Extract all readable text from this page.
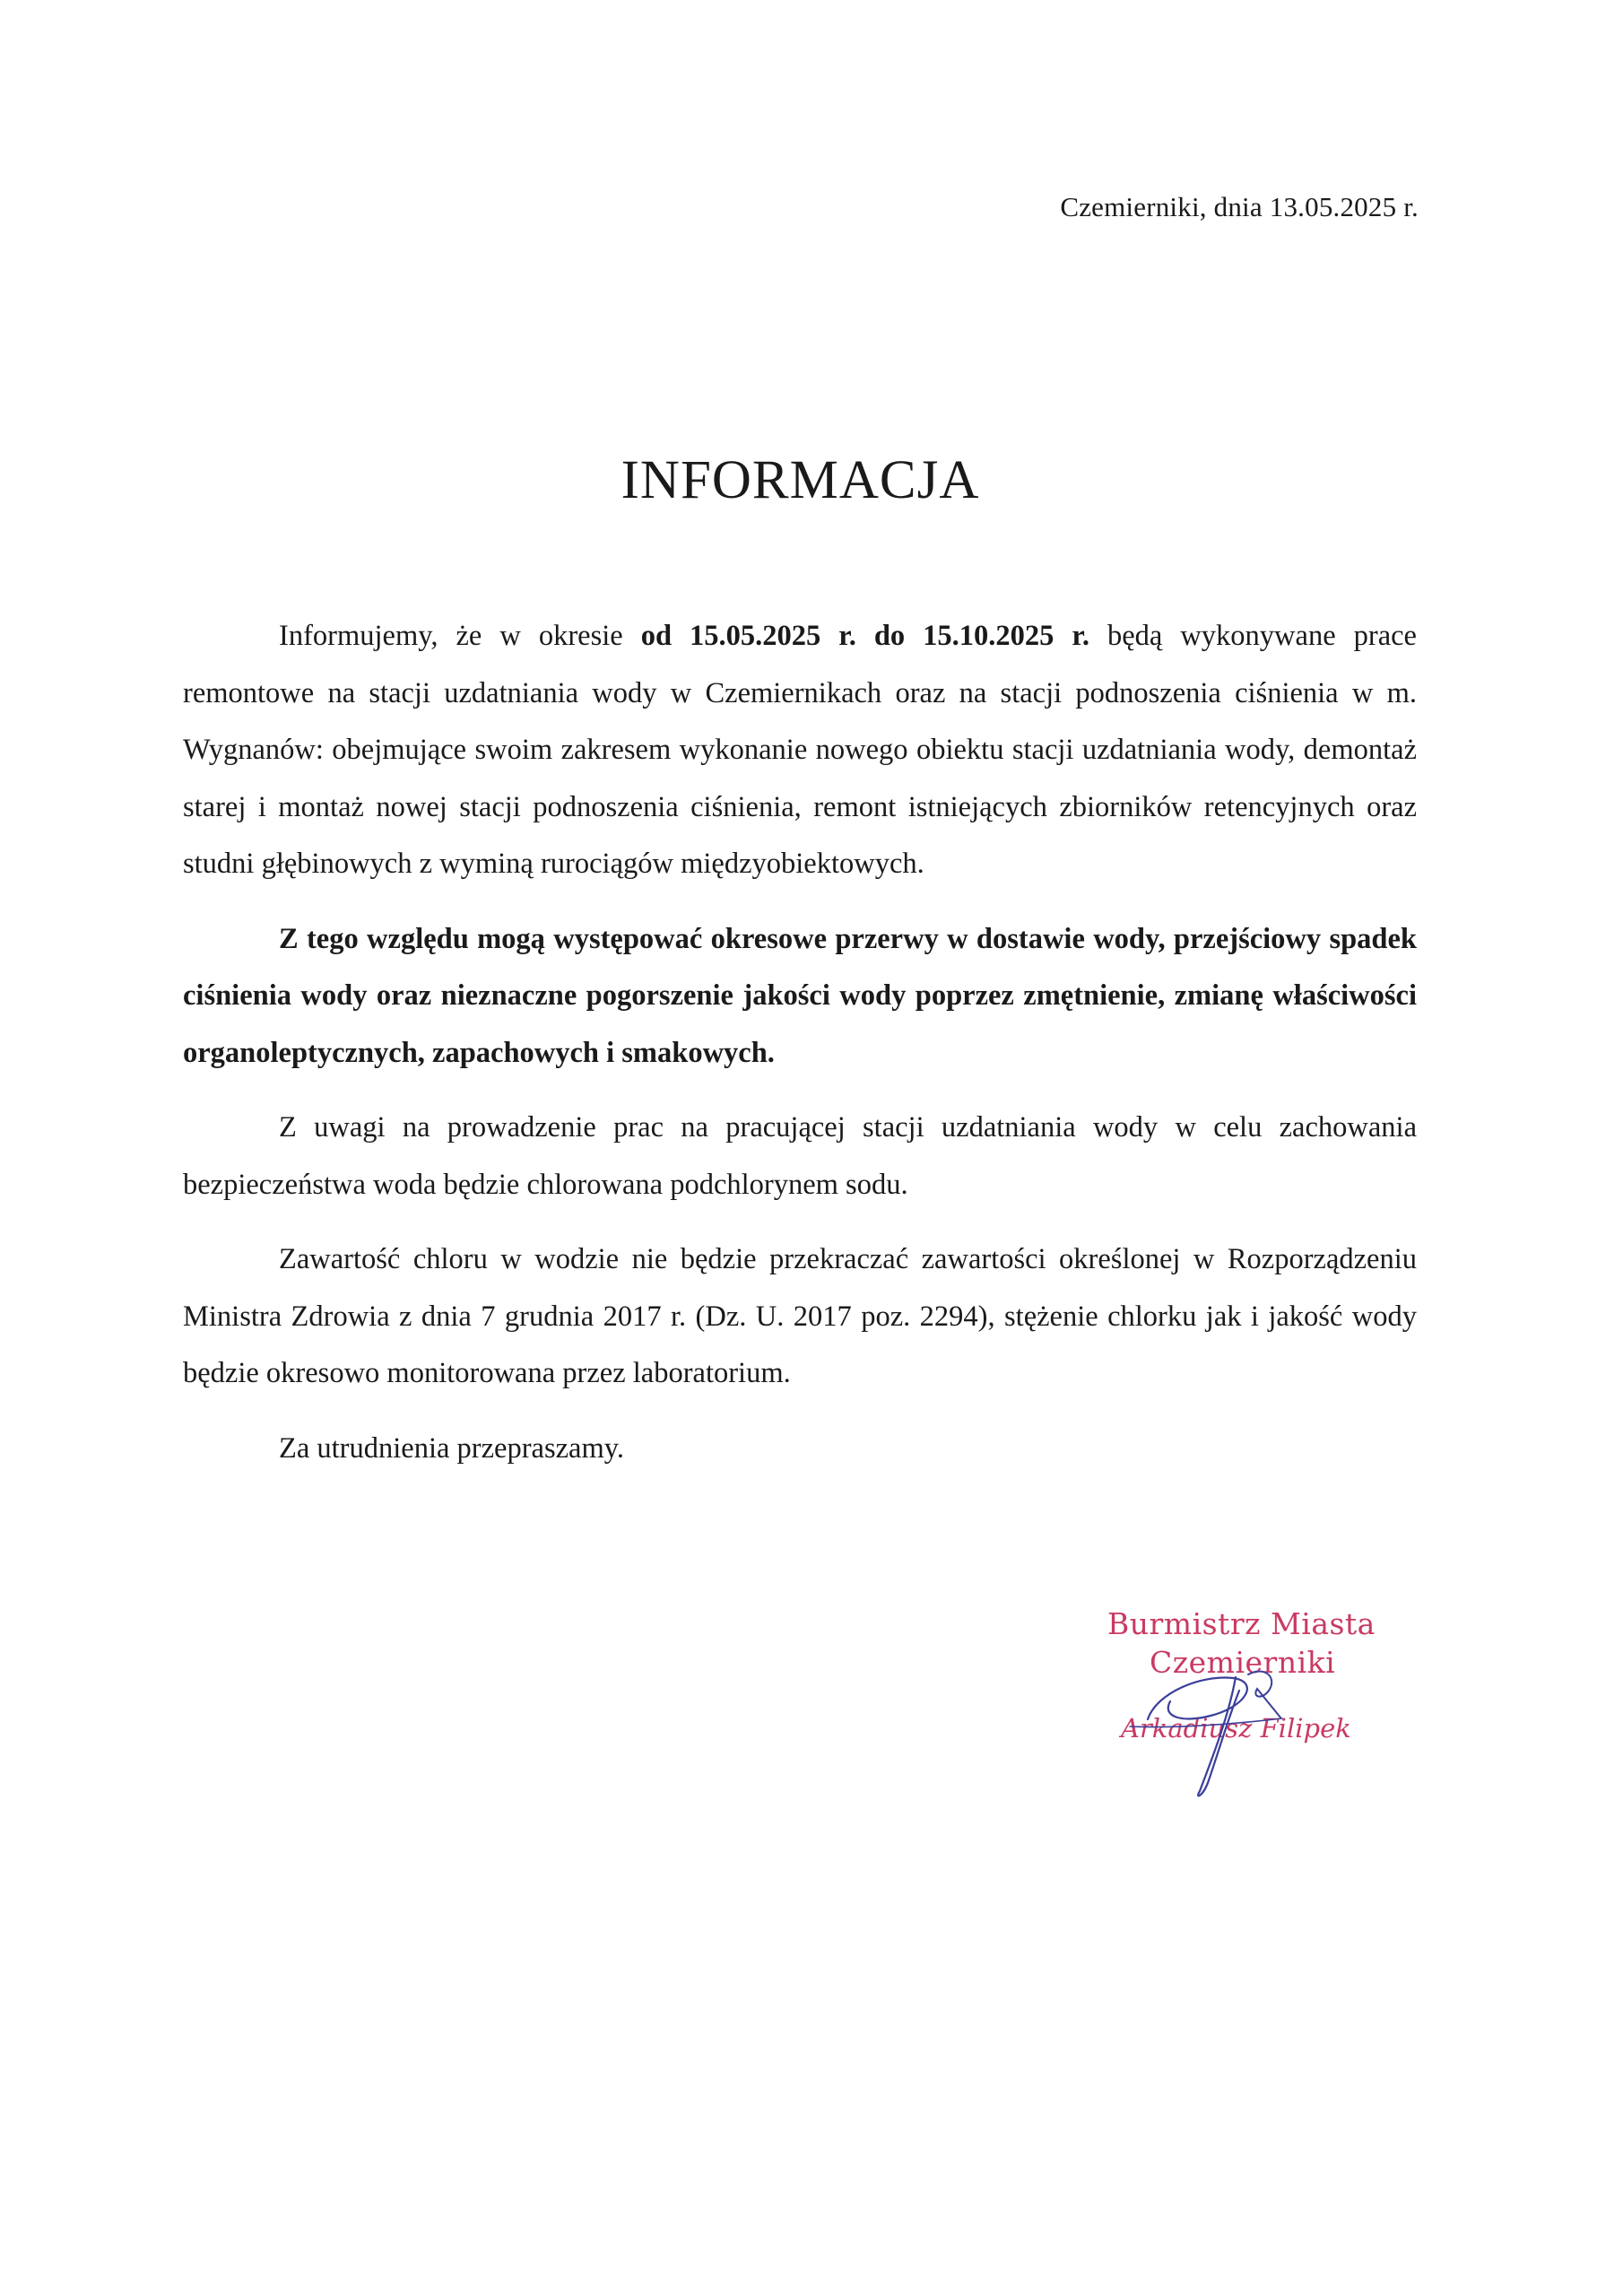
Czemierniki, dnia 13.05.2025 r.
INFORMACJA

Informujemy, że w okresie od 15.05.2025 r. do 15.10.2025 r. będą wykonywane prace remontowe na stacji uzdatniania wody w Czemiernikach oraz na stacji podnoszenia ciśnienia w m. Wygnanów: obejmujące swoim zakresem wykonanie nowego obiektu stacji uzdatniania wody, demontaż starej i montaż nowej stacji podnoszenia ciśnienia, remont istniejących zbiorników retencyjnych oraz studni głębinowych z wyminą rurociągów międzyobiektowych.

Z tego względu mogą występować okresowe przerwy w dostawie wody, przejściowy spadek ciśnienia wody oraz nieznaczne pogorszenie jakości wody poprzez zmętnienie, zmianę właściwości organoleptycznych, zapachowych i smakowych.

Z uwagi na prowadzenie prac na pracującej stacji uzdatniania wody w celu zachowania bezpieczeństwa woda będzie chlorowana podchlorynem sodu.

Zawartość chloru w wodzie nie będzie przekraczać zawartości określonej w Rozporządzeniu Ministra Zdrowia z dnia 7 grudnia 2017 r. (Dz. U. 2017 poz. 2294), stężenie chlorku jak i jakość wody będzie okresowo monitorowana przez laboratorium.

Za utrudnienia przepraszamy.

Burmistrz Miasta
Czemierniki
Arkadiusz Filipek
